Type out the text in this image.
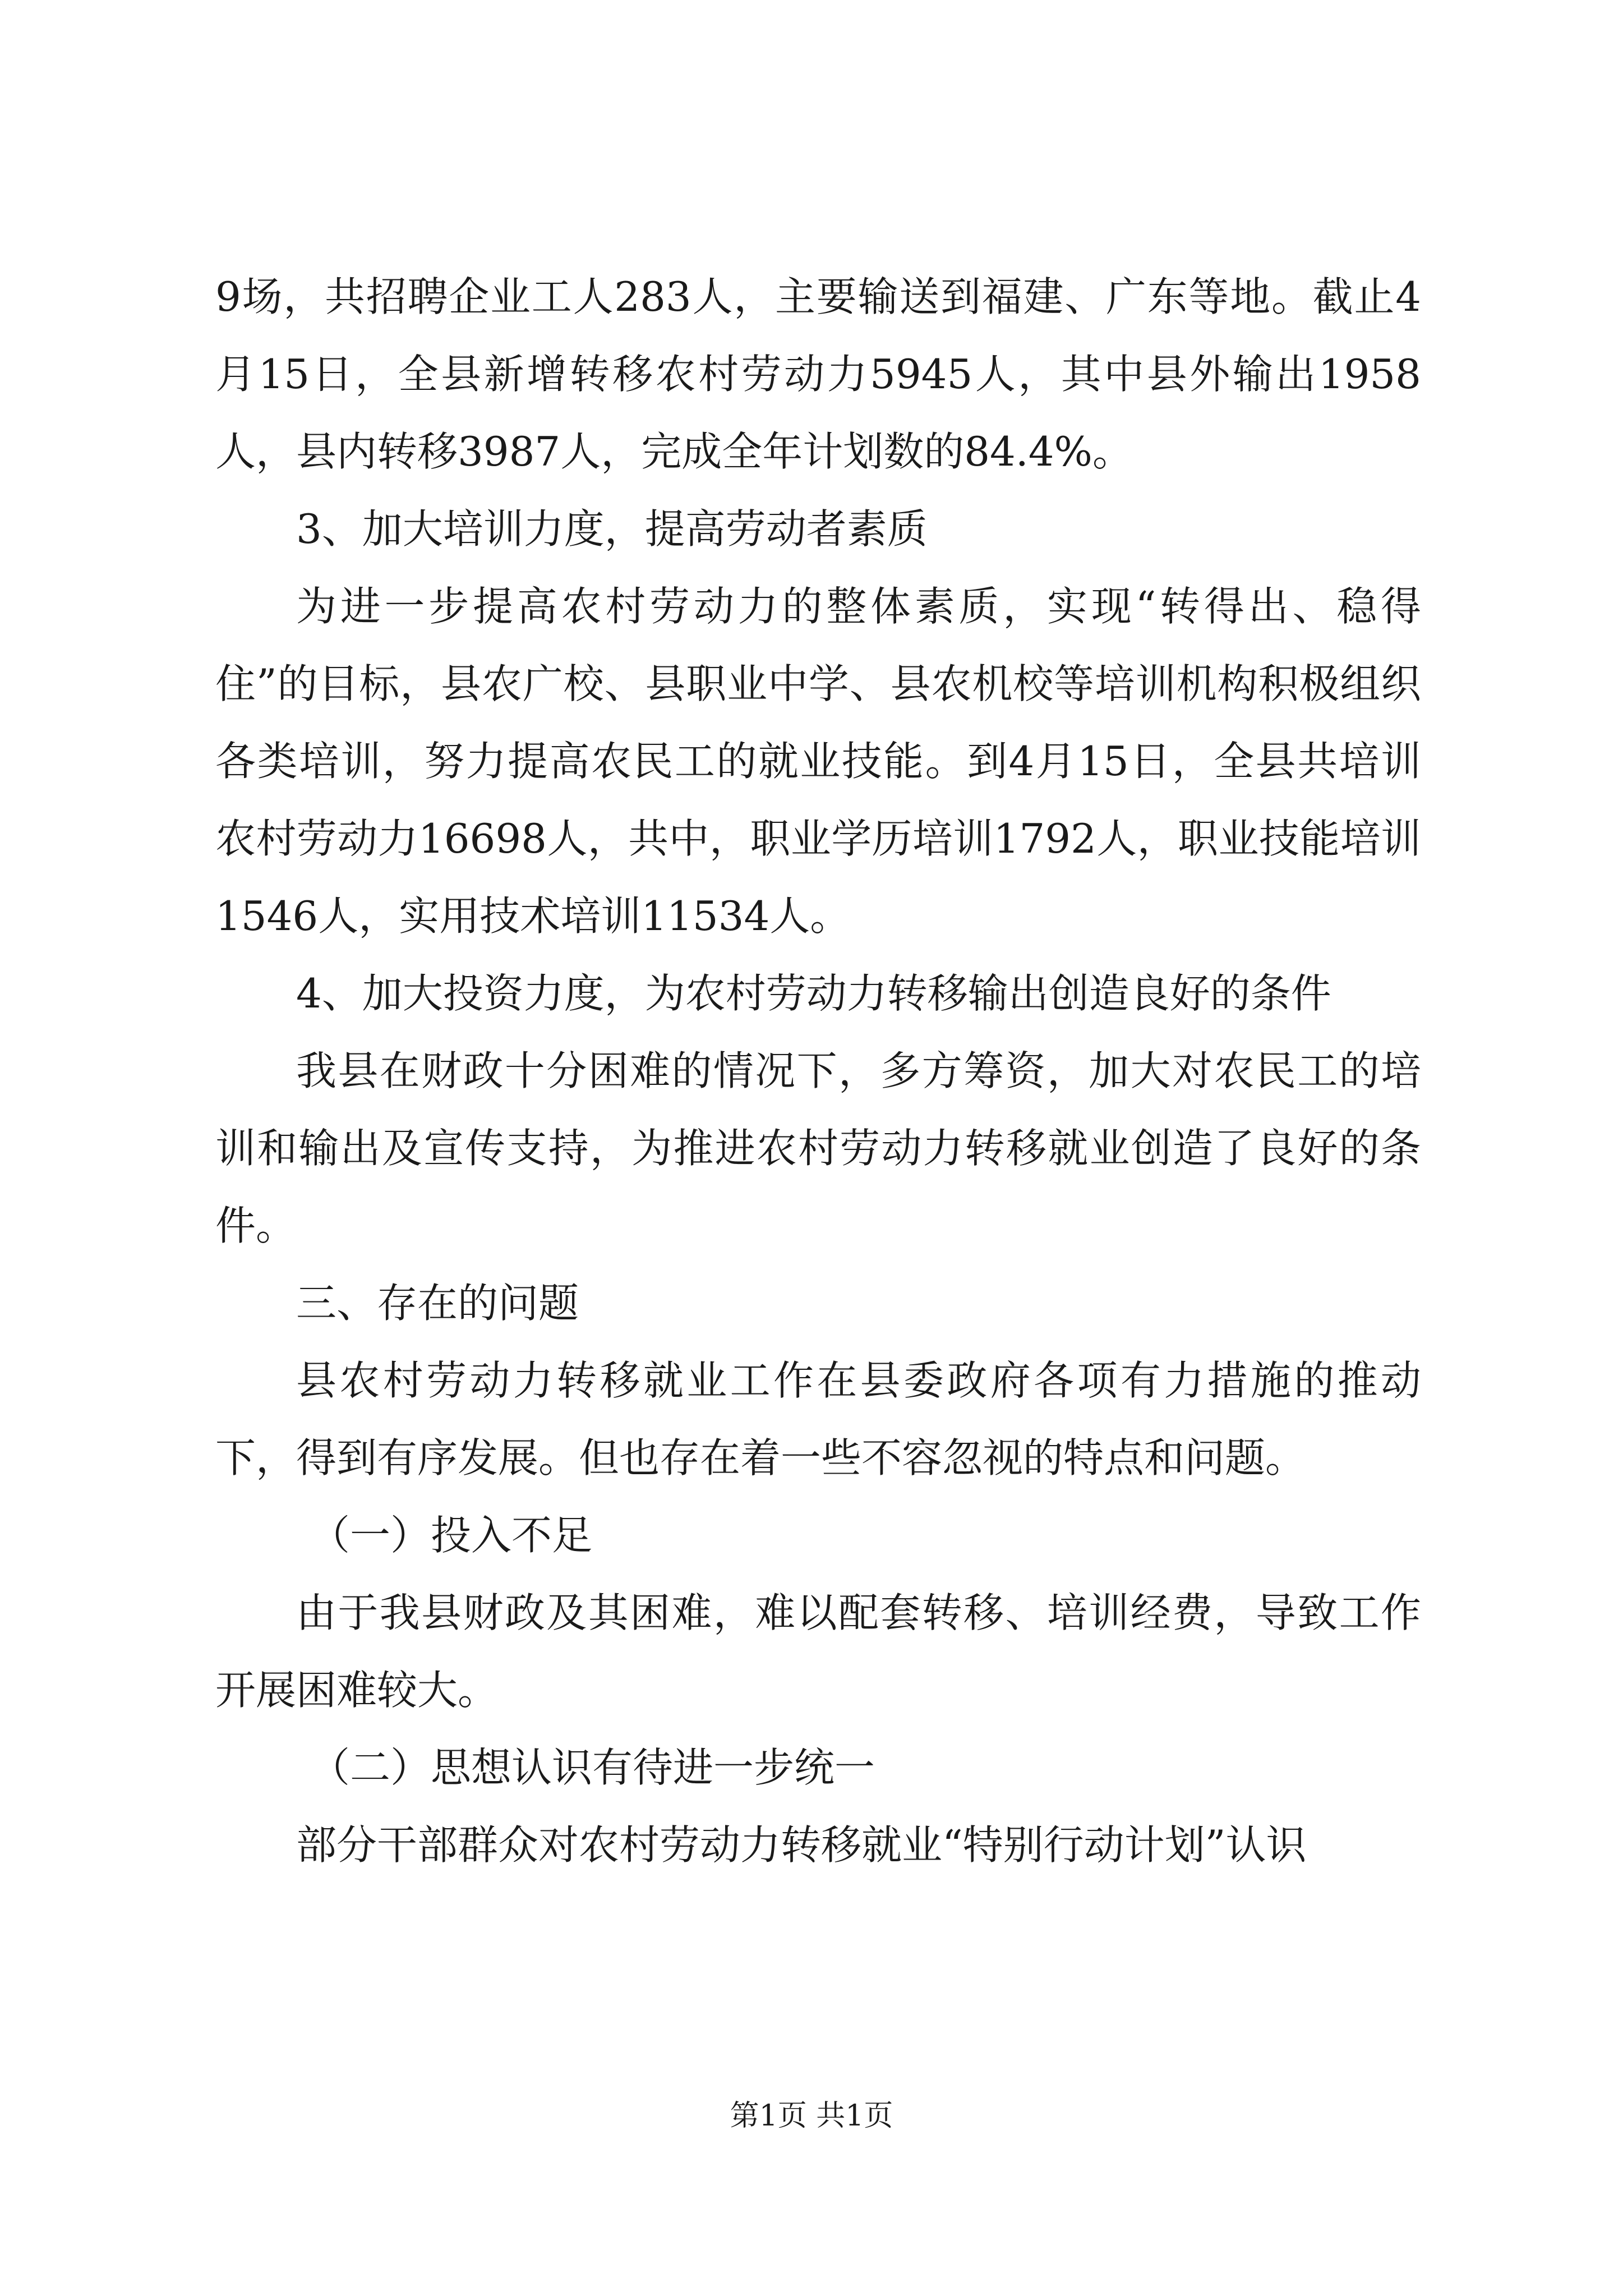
9场，共招聘企业工人283人，主要输送到福建、广东等地。截止4月15日，全县新增转移农村劳动力5945人，其中县外输出1958人，县内转移3987人，完成全年计划数的84.4%。

3、加大培训力度，提高劳动者素质

为进一步提高农村劳动力的整体素质，实现“转得出、稳得住”的目标，县农广校、县职业中学、县农机校等培训机构积极组织各类培训，努力提高农民工的就业技能。到4月15日，全县共培训农村劳动力16698人，共中，职业学历培训1792人，职业技能培训1546人，实用技术培训11534人。

4、加大投资力度，为农村劳动力转移输出创造良好的条件

我县在财政十分困难的情况下，多方筹资，加大对农民工的培训和输出及宣传支持，为推进农村劳动力转移就业创造了良好的条件。

三、存在的问题

县农村劳动力转移就业工作在县委政府各项有力措施的推动下，得到有序发展。但也存在着一些不容忽视的特点和问题。

（一）投入不足

由于我县财政及其困难，难以配套转移、培训经费，导致工作开展困难较大。

（二）思想认识有待进一步统一

部分干部群众对农村劳动力转移就业“特别行动计划”认识

第1页 共1页
